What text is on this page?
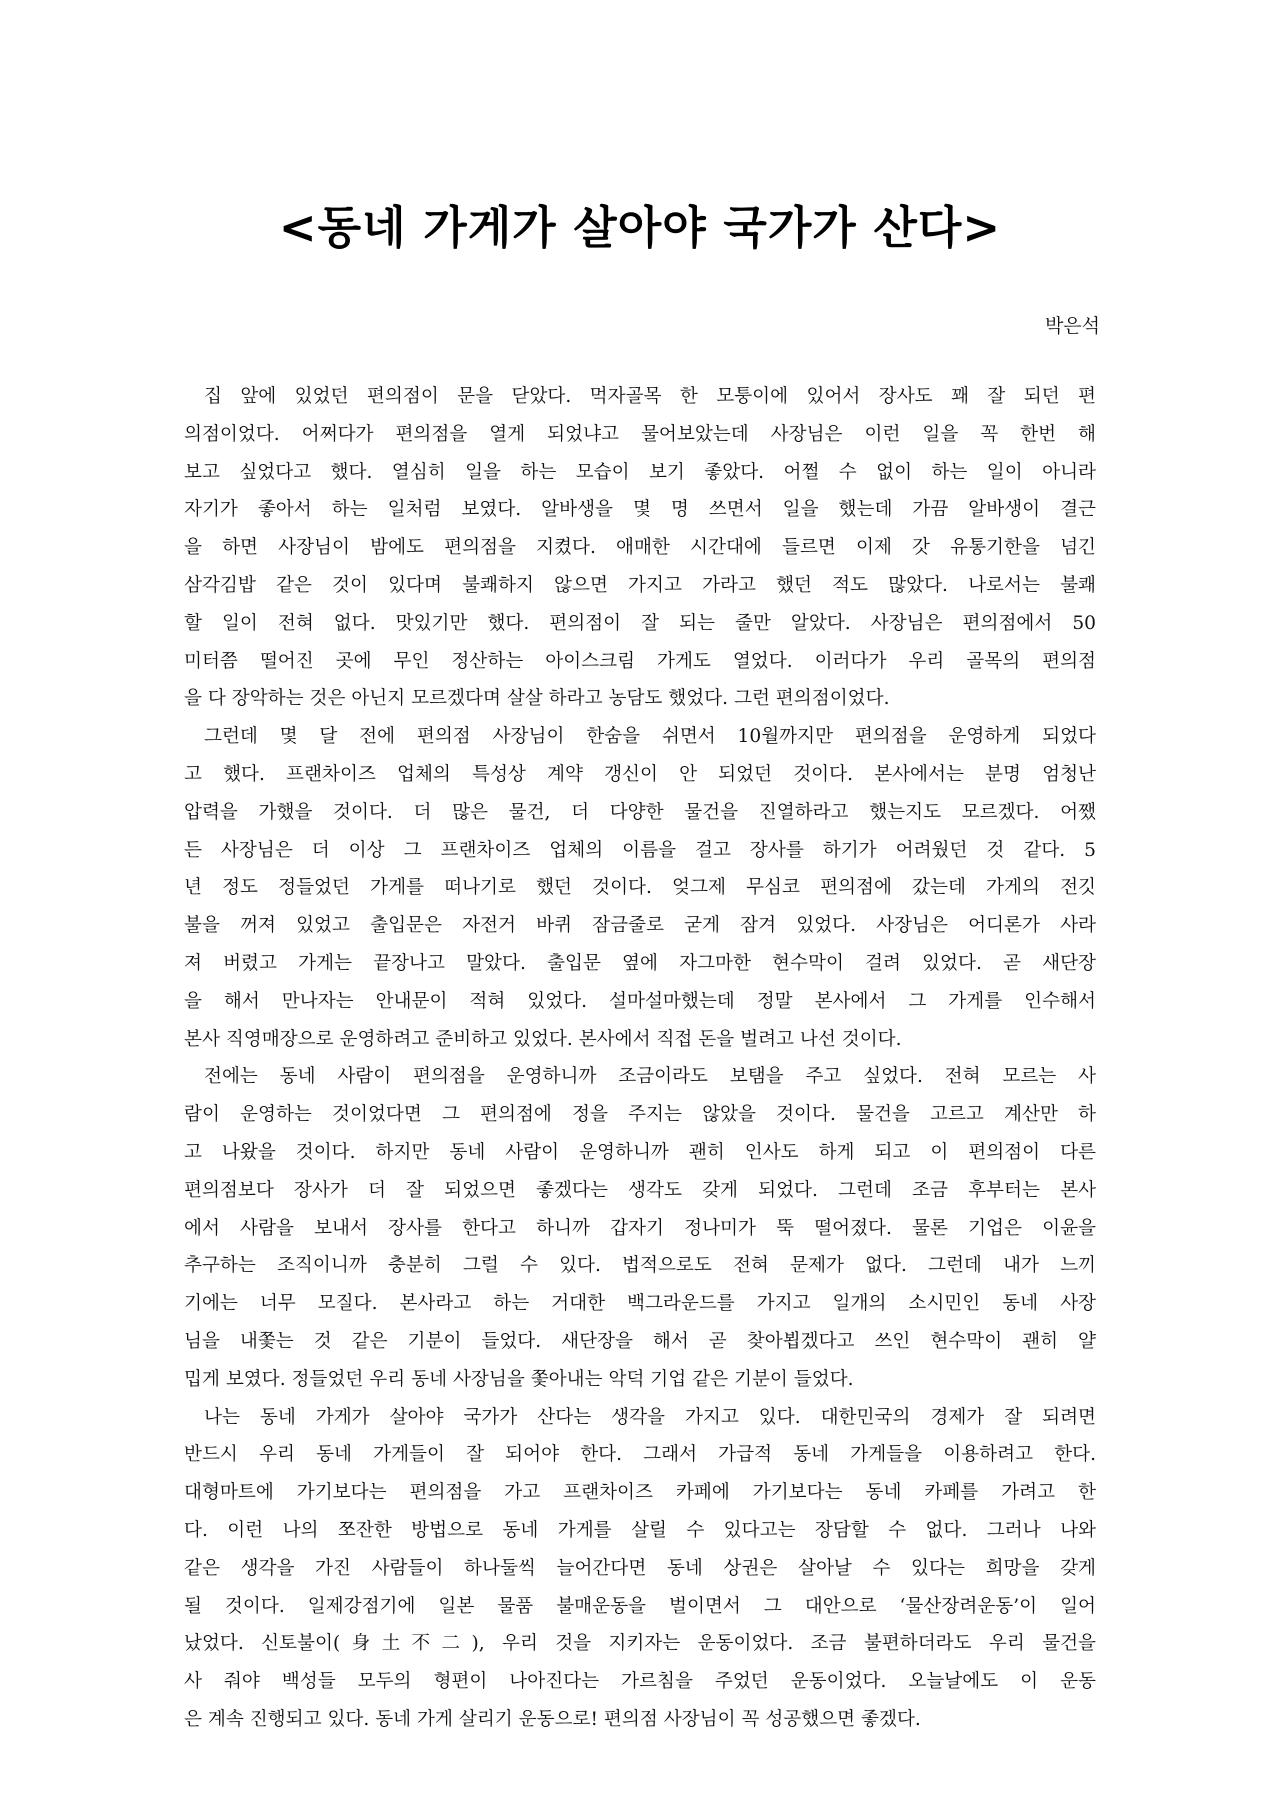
<동네 가게가 살아야 국가가 산다>
박은석
집 앞에 있었던 편의점이 문을 닫았다. 먹자골목 한 모퉁이에 있어서 장사도 꽤 잘 되던 편
의점이었다. 어쩌다가 편의점을 열게 되었냐고 물어보았는데 사장님은 이런 일을 꼭 한번 해
보고 싶었다고 했다. 열심히 일을 하는 모습이 보기 좋았다. 어쩔 수 없이 하는 일이 아니라
자기가 좋아서 하는 일처럼 보였다. 알바생을 몇 명 쓰면서 일을 했는데 가끔 알바생이 결근
을 하면 사장님이 밤에도 편의점을 지켰다. 애매한 시간대에 들르면 이제 갓 유통기한을 넘긴
삼각김밥 같은 것이 있다며 불쾌하지 않으면 가지고 가라고 했던 적도 많았다. 나로서는 불쾌
할 일이 전혀 없다. 맛있기만 했다. 편의점이 잘 되는 줄만 알았다. 사장님은 편의점에서 50
미터쯤 떨어진 곳에 무인 정산하는 아이스크림 가게도 열었다. 이러다가 우리 골목의 편의점
을 다 장악하는 것은 아닌지 모르겠다며 살살 하라고 농담도 했었다. 그런 편의점이었다.
그런데 몇 달 전에 편의점 사장님이 한숨을 쉬면서 10월까지만 편의점을 운영하게 되었다
고 했다. 프랜차이즈 업체의 특성상 계약 갱신이 안 되었던 것이다. 본사에서는 분명 엄청난
압력을 가했을 것이다. 더 많은 물건, 더 다양한 물건을 진열하라고 했는지도 모르겠다. 어쨌
든 사장님은 더 이상 그 프랜차이즈 업체의 이름을 걸고 장사를 하기가 어려웠던 것 같다. 5
년 정도 정들었던 가게를 떠나기로 했던 것이다. 엊그제 무심코 편의점에 갔는데 가게의 전깃
불을 꺼져 있었고 출입문은 자전거 바퀴 잠금줄로 굳게 잠겨 있었다. 사장님은 어디론가 사라
져 버렸고 가게는 끝장나고 말았다. 출입문 옆에 자그마한 현수막이 걸려 있었다. 곧 새단장
을 해서 만나자는 안내문이 적혀 있었다. 설마설마했는데 정말 본사에서 그 가게를 인수해서
본사 직영매장으로 운영하려고 준비하고 있었다. 본사에서 직접 돈을 벌려고 나선 것이다.
전에는 동네 사람이 편의점을 운영하니까 조금이라도 보탬을 주고 싶었다. 전혀 모르는 사
람이 운영하는 것이었다면 그 편의점에 정을 주지는 않았을 것이다. 물건을 고르고 계산만 하
고 나왔을 것이다. 하지만 동네 사람이 운영하니까 괜히 인사도 하게 되고 이 편의점이 다른
편의점보다 장사가 더 잘 되었으면 좋겠다는 생각도 갖게 되었다. 그런데 조금 후부터는 본사
에서 사람을 보내서 장사를 한다고 하니까 갑자기 정나미가 뚝 떨어졌다. 물론 기업은 이윤을
추구하는 조직이니까 충분히 그럴 수 있다. 법적으로도 전혀 문제가 없다. 그런데 내가 느끼
기에는 너무 모질다. 본사라고 하는 거대한 백그라운드를 가지고 일개의 소시민인 동네 사장
님을 내쫓는 것 같은 기분이 들었다. 새단장을 해서 곧 찾아뵙겠다고 쓰인 현수막이 괜히 얄
밉게 보였다. 정들었던 우리 동네 사장님을 쫓아내는 악덕 기업 같은 기분이 들었다.
나는 동네 가게가 살아야 국가가 산다는 생각을 가지고 있다. 대한민국의 경제가 잘 되려면
반드시 우리 동네 가게들이 잘 되어야 한다. 그래서 가급적 동네 가게들을 이용하려고 한다.
대형마트에 가기보다는 편의점을 가고 프랜차이즈 카페에 가기보다는 동네 카페를 가려고 한
다. 이런 나의 쪼잔한 방법으로 동네 가게를 살릴 수 있다고는 장담할 수 없다. 그러나 나와
같은 생각을 가진 사람들이 하나둘씩 늘어간다면 동네 상권은 살아날 수 있다는 희망을 갖게
될 것이다. 일제강점기에 일본 물품 불매운동을 벌이면서 그 대안으로 ‘물산장려운동’이 일어
났었다. 신토불이(身土不二), 우리 것을 지키자는 운동이었다. 조금 불편하더라도 우리 물건을
사 줘야 백성들 모두의 형편이 나아진다는 가르침을 주었던 운동이었다. 오늘날에도 이 운동
은 계속 진행되고 있다. 동네 가게 살리기 운동으로! 편의점 사장님이 꼭 성공했으면 좋겠다.
